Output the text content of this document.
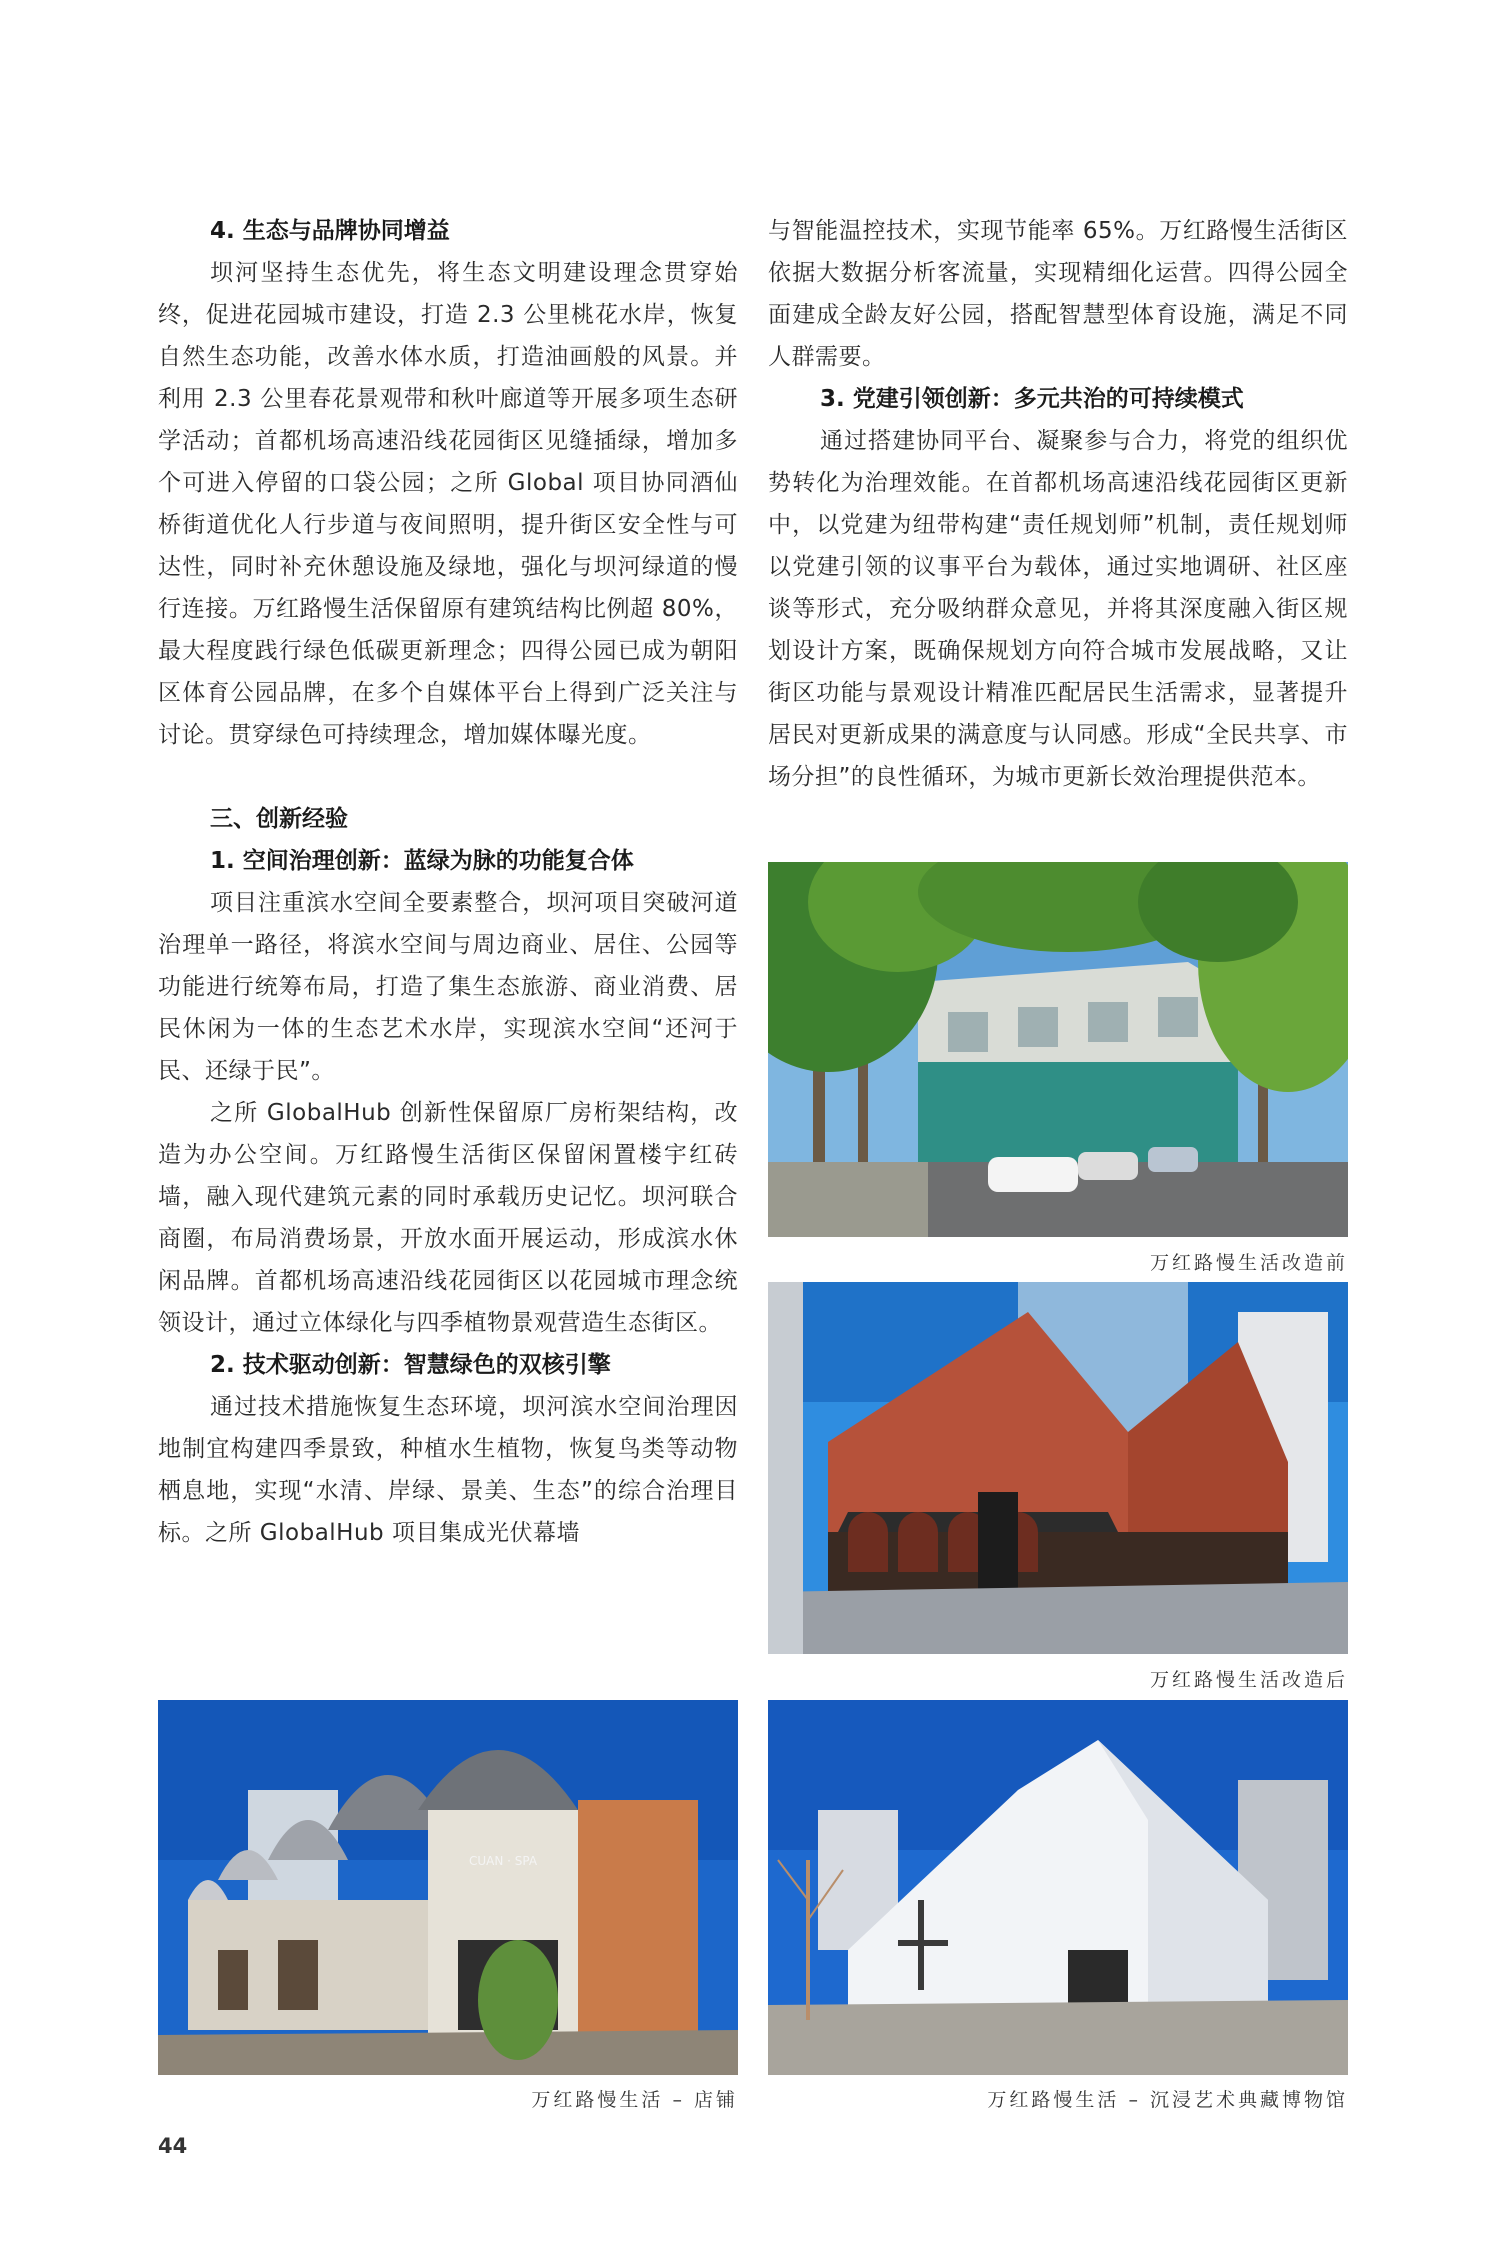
4. 生态与品牌协同增益

坝河坚持生态优先，将生态文明建设理念贯穿始终，促进花园城市建设，打造 2.3 公里桃花水岸，恢复自然生态功能，改善水体水质，打造油画般的风景。并利用 2.3 公里春花景观带和秋叶廊道等开展多项生态研学活动；首都机场高速沿线花园街区见缝插绿，增加多个可进入停留的口袋公园；之所 Global 项目协同酒仙桥街道优化人行步道与夜间照明，提升街区安全性与可达性，同时补充休憩设施及绿地，强化与坝河绿道的慢行连接。万红路慢生活保留原有建筑结构比例超 80%，最大程度践行绿色低碳更新理念；四得公园已成为朝阳区体育公园品牌，在多个自媒体平台上得到广泛关注与讨论。贯穿绿色可持续理念，增加媒体曝光度。

三、创新经验

1. 空间治理创新：蓝绿为脉的功能复合体

项目注重滨水空间全要素整合，坝河项目突破河道治理单一路径，将滨水空间与周边商业、居住、公园等功能进行统筹布局，打造了集生态旅游、商业消费、居民休闲为一体的生态艺术水岸，实现滨水空间“还河于民、还绿于民”。

之所 GlobalHub 创新性保留原厂房桁架结构，改造为办公空间。万红路慢生活街区保留闲置楼宇红砖墙，融入现代建筑元素的同时承载历史记忆。坝河联合商圈，布局消费场景，开放水面开展运动，形成滨水休闲品牌。首都机场高速沿线花园街区以花园城市理念统领设计，通过立体绿化与四季植物景观营造生态街区。

2. 技术驱动创新：智慧绿色的双核引擎

通过技术措施恢复生态环境，坝河滨水空间治理因地制宜构建四季景致，种植水生植物，恢复鸟类等动物栖息地，实现“水清、岸绿、景美、生态”的综合治理目标。之所 GlobalHub 项目集成光伏幕墙

与智能温控技术，实现节能率 65%。万红路慢生活街区依据大数据分析客流量，实现精细化运营。四得公园全面建成全龄友好公园，搭配智慧型体育设施，满足不同人群需要。

3. 党建引领创新：多元共治的可持续模式

通过搭建协同平台、凝聚参与合力，将党的组织优势转化为治理效能。在首都机场高速沿线花园街区更新中，以党建为纽带构建“责任规划师”机制，责任规划师以党建引领的议事平台为载体，通过实地调研、社区座谈等形式，充分吸纳群众意见，并将其深度融入街区规划设计方案，既确保规划方向符合城市发展战略，又让街区功能与景观设计精准匹配居民生活需求，显著提升居民对更新成果的满意度与认同感。形成“全民共享、市场分担”的良性循环，为城市更新长效治理提供范本。

万红路慢生活改造前
万红路慢生活改造后
CUAN · SPA
万红路慢生活 – 店铺	万红路慢生活 – 沉浸艺术典藏博物馆
44
